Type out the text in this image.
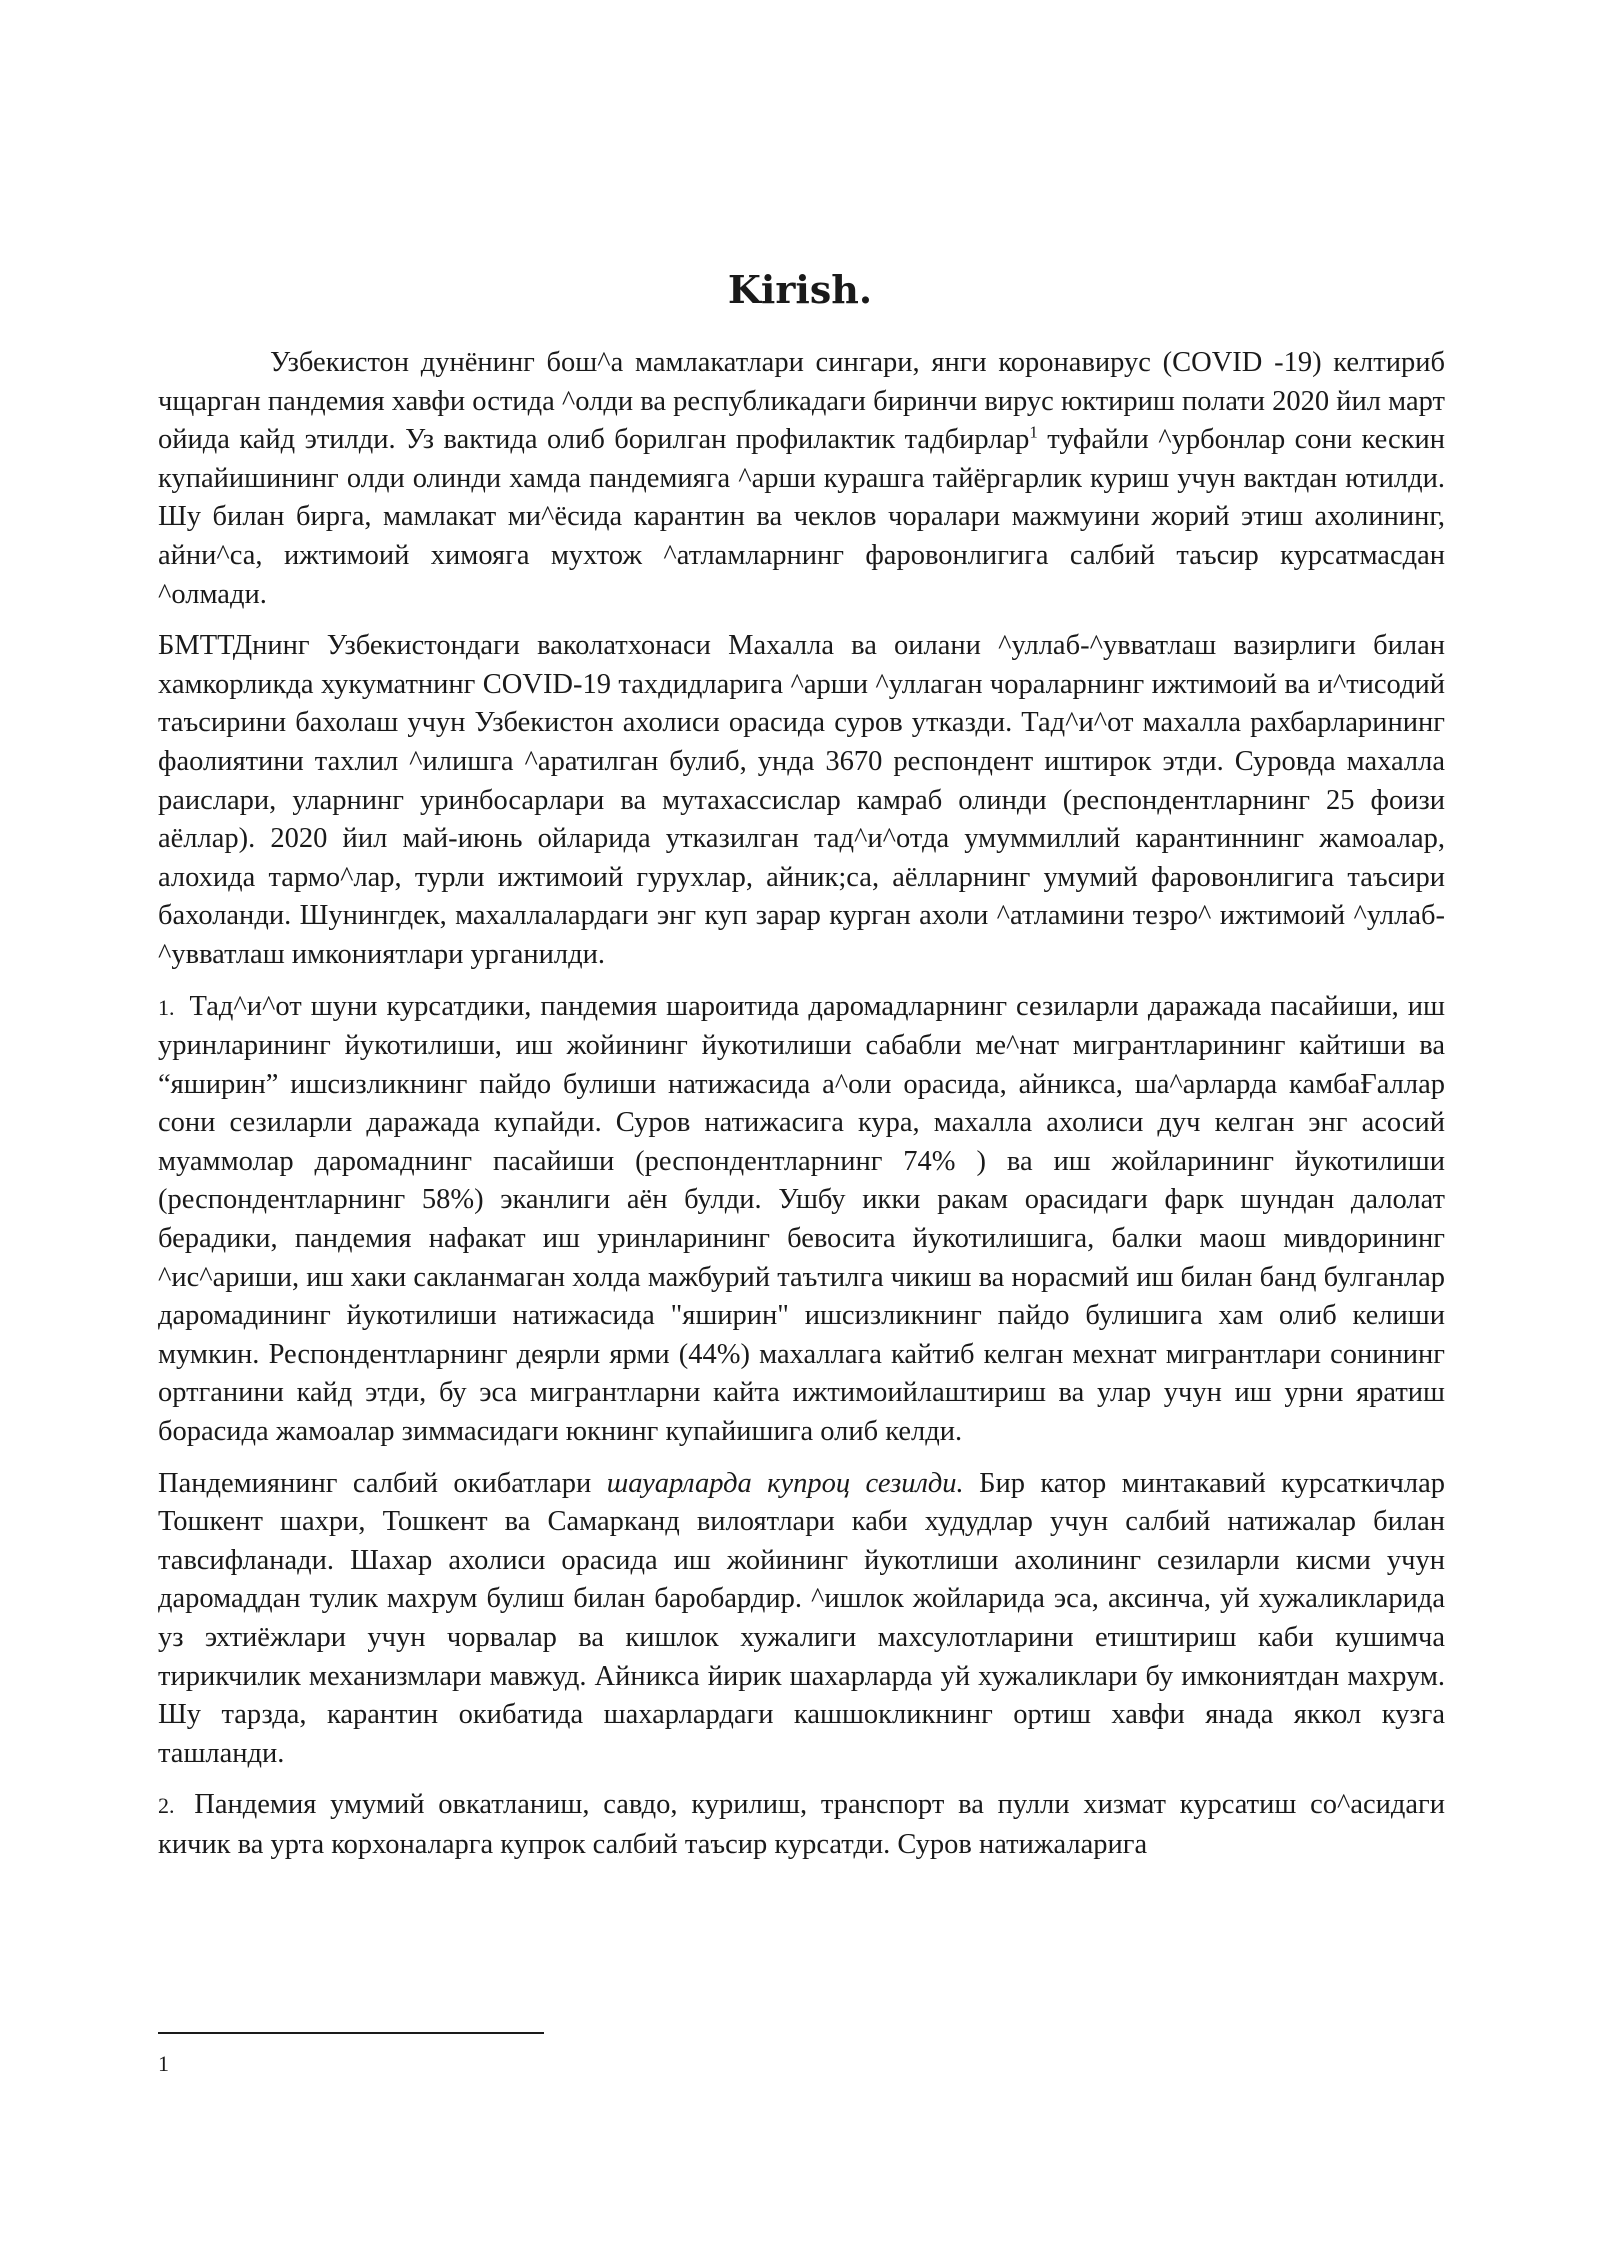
Kirish.

Узбекистон дунёнинг бош^а мамлакатлари сингари, янги коронавирус (COVID -19) келтириб чщарган пандемия хавфи остида ^олди ва республикадаги биринчи вирус юктириш полати 2020 йил март ойида кайд этилди. Уз вактида олиб борилган профилактик тадбирлар$^1$ туфайли ^урбонлар сони кескин купайишининг олди олинди хамда пандемияга ^арши курашга тайёргарлик куриш учун вактдан ютилди. Шу билан бирга, мамлакат ми^ёсида карантин ва чеклов чоралари мажмуини жорий этиш ахолининг, айни^са, ижтимоий химояга мухтож ^атламларнинг фаровонлигига салбий таъсир курсатмасдан ^олмади.

БМТТДнинг Узбекистондаги ваколатхонаси Махалла ва оилани ^уллаб-^увватлаш вазирлиги билан хамкорликда хукуматнинг COVID-19 тахдидларига ^арши ^уллаган чораларнинг ижтимоий ва и^тисодий таъсирини бахолаш учун Узбекистон ахолиси орасида суров утказди. Тад^и^от махалла рахбарларининг фаолиятини тахлил ^илишга ^аратилган булиб, унда 3670 респондент иштирок этди. Суровда махалла раислари, уларнинг уринбосарлари ва мутахассислар камраб олинди (респондентларнинг 25 фоизи аёллар). 2020 йил май-июнь ойларида утказилган тад^и^отда умуммиллий карантиннинг жамоалар, алохида тармо^лар, турли ижтимоий гурухлар, айник;са, аёлларнинг умумий фаровонлигига таъсири бахоланди. Шунингдек, махаллалардаги энг куп зарар курган ахоли ^атламини тезро^ ижтимоий ^уллаб-^увватлаш имкониятлари урганилди.

1. Тад^и^от шуни курсатдики, пандемия шароитида даромадларнинг сезиларли даражада пасайиши, иш уринларининг йукотилиши, иш жойининг йукотилиши сабабли ме^нат мигрантларининг кайтиши ва “яширин” ишсизликнинг пайдо булиши натижасида а^оли орасида, айникса, ша^арларда камбаҒаллар сони сезиларли даражада купайди. Суров натижасига кура, махалла ахолиси дуч келган энг асосий муаммолар даромаднинг пасайиши (респондентларнинг 74% ) ва иш жойларининг йукотилиши (респондентларнинг 58%) эканлиги аён булди. Ушбу икки ракам орасидаги фарк шундан далолат берадики, пандемия нафакат иш уринларининг бевосита йукотилишига, балки маош мивдорининг ^ис^ариши, иш хаки сакланмаган холда мажбурий таътилга чикиш ва норасмий иш билан банд булганлар даромадининг йукотилиши натижасида "яширин" ишсизликнинг пайдо булишига хам олиб келиши мумкин. Респондентларнинг деярли ярми (44%) махаллага кайтиб келган мехнат мигрантлари сонининг ортганини кайд этди, бу эса мигрантларни кайта ижтимоийлаштириш ва улар учун иш урни яратиш борасида жамоалар зиммасидаги юкнинг купайишига олиб келди.

Пандемиянинг салбий окибатлари шауарларда купроц сезилди. Бир катор минтакавий курсаткичлар Тошкент шахри, Тошкент ва Самарканд вилоятлари каби худудлар учун салбий натижалар билан тавсифланади. Шахар ахолиси орасида иш жойининг йукотлиши ахолининг сезиларли кисми учун даромаддан тулик махрум булиш билан баробардир. ^ишлок жойларида эса, аксинча, уй хужаликларида уз эхтиёжлари учун чорвалар ва кишлок хужалиги махсулотларини етиштириш каби кушимча тирикчилик механизмлари мавжуд. Айникса йирик шахарларда уй хужаликлари бу имкониятдан махрум. Шу тарзда, карантин окибатида шахарлардаги кашшокликнинг ортиш хавфи янада яккол кузга ташланди.

2. Пандемия умумий овкатланиш, савдо, курилиш, транспорт ва пулли хизмат курсатиш со^асидаги кичик ва урта корхоналарга купрок салбий таъсир курсатди. Суров натижаларига

1
